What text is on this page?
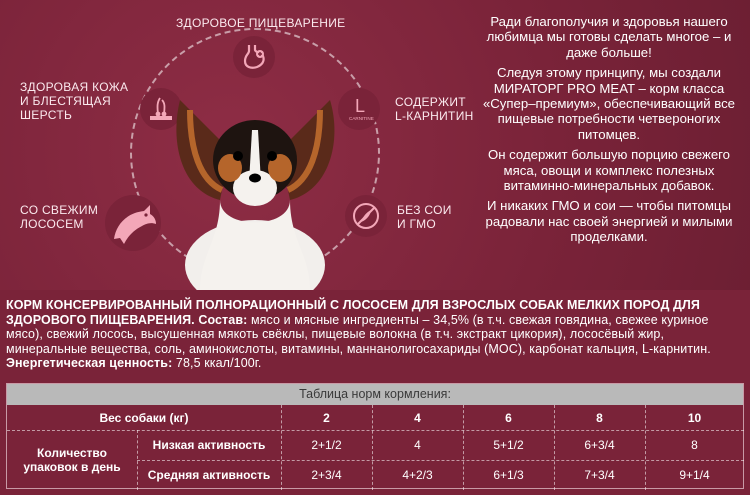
ЗДОРОВОЕ ПИЩЕВАРЕНИЕ
ЗДОРОВАЯ КОЖА
И БЛЕСТЯЩАЯ
ШЕРСТЬ	L
CARNITINE
СОДЕРЖИТ
L-КАРНИТИН
СО СВЕЖИМ
ЛОСОСЕМ
БЕЗ СОИ
И ГМО

Ради благополучия и здоровья нашего любимца мы готовы сделать многое – и даже больше!

Следуя этому принципу, мы создали МИРАТОРГ PRO MEAT – корм класса «Супер–премиум», обеспечивающий все пищевые потребности четвероногих питомцев.

Он содержит большую порцию свежего мяса, овощи и комплекс полезных витаминно-минеральных добавок.

И никаких ГМО и сои — чтобы питомцы радовали нас своей энергией и милыми проделками.

КОРМ КОНСЕРВИРОВАННЫЙ ПОЛНОРАЦИОННЫЙ С ЛОСОСЕМ ДЛЯ ВЗРОСЛЫХ СОБАК МЕЛКИХ ПОРОД ДЛЯ ЗДОРОВОГО ПИЩЕВАРЕНИЯ. Состав: мясо и мясные ингредиенты – 34,5% (в т.ч. свежая говядина, свежее куриное мясо), свежий лосось, высушенная мякоть свёклы, пищевые волокна (в т.ч. экстракт цикория), лососёвый жир, минеральные вещества, соль, аминокислоты, витамины, маннанолигосахариды (МОС), карбонат кальция, L-карнитин. Энергетическая ценность: 78,5 ккал/100г.
Таблица норм кормления:
Вес собаки (кг)	2	4	6	8	10
Количество
упаковок в день
Низкая активность	2+1/2	4	5+1/2	6+3/4	8
Средняя активность	2+3/4	4+2/3	6+1/3	7+3/4	9+1/4
